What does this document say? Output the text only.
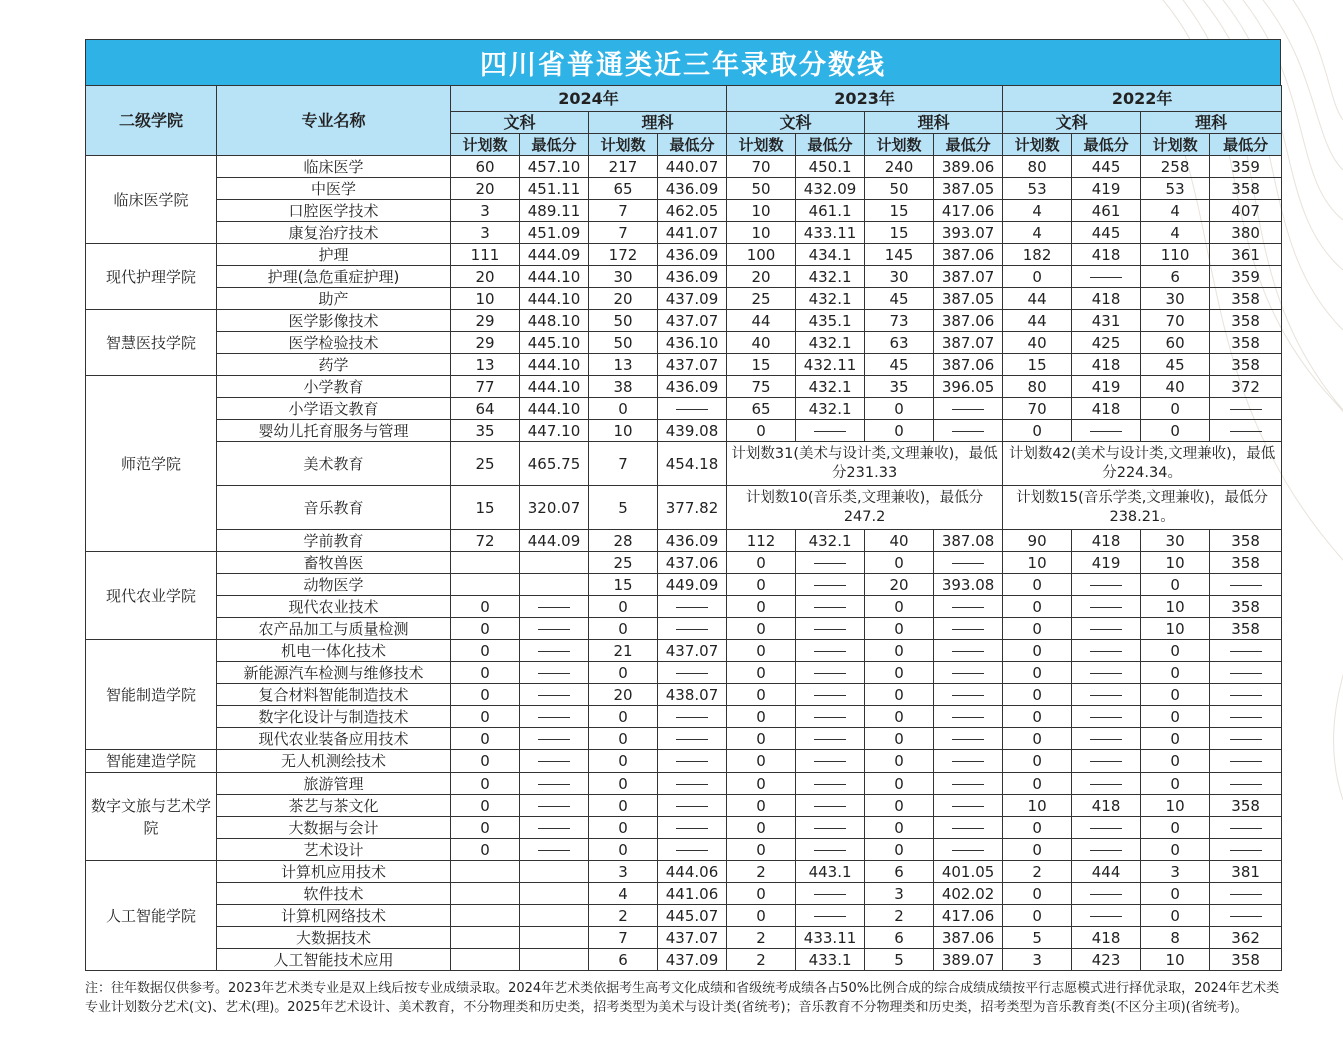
四川省普通类近三年录取分数线
二级学院	专业名称	2024年				2023年				2022年			
		文科		理科		文科		理科		文科		理科	
		计划数	最低分	计划数	最低分	计划数	最低分	计划数	最低分	计划数	最低分	计划数	最低分
临床医学院	临床医学	60	457.10	217	440.07	70	450.1	240	389.06	80	445	258	359
	中医学	20	451.11	65	436.09	50	432.09	50	387.05	53	419	53	358
	口腔医学技术	3	489.11	7	462.05	10	461.1	15	417.06	4	461	4	407
	康复治疗技术	3	451.09	7	441.07	10	433.11	15	393.07	4	445	4	380
现代护理学院	护理	111	444.09	172	436.09	100	434.1	145	387.06	182	418	110	361
	护理(急危重症护理)	20	444.10	30	436.09	20	432.1	30	387.07	0		6	359
	助产	10	444.10	20	437.09	25	432.1	45	387.05	44	418	30	358
智慧医技学院	医学影像技术	29	448.10	50	437.07	44	435.1	73	387.06	44	431	70	358
	医学检验技术	29	445.10	50	436.10	40	432.1	63	387.07	40	425	60	358
	药学	13	444.10	13	437.07	15	432.11	45	387.06	15	418	45	358
师范学院	小学教育	77	444.10	38	436.09	75	432.1	35	396.05	80	419	40	372
	小学语文教育	64	444.10	0		65	432.1	0		70	418	0	
	婴幼儿托育服务与管理	35	447.10	10	439.08	0		0		0		0	
	美术教育	25	465.75	7	454.18	计划数31(美术与设计类,文理兼收)，最低分231.33				计划数42(美术与设计类,文理兼收)，最低分224.34。			
	音乐教育	15	320.07	5	377.82	计划数10(音乐类,文理兼收)，最低分247.2				计划数15(音乐学类,文理兼收)，最低分238.21。			
	学前教育	72	444.09	28	436.09	112	432.1	40	387.08	90	418	30	358
现代农业学院	畜牧兽医			25	437.06	0		0		10	419	10	358
	动物医学			15	449.09	0		20	393.08	0		0	
	现代农业技术	0		0		0		0		0		10	358
	农产品加工与质量检测	0		0		0		0		0		10	358
智能制造学院	机电一体化技术	0		21	437.07	0		0		0		0	
	新能源汽车检测与维修技术	0		0		0		0		0		0	
	复合材料智能制造技术	0		20	438.07	0		0		0		0	
	数字化设计与制造技术	0		0		0		0		0		0	
	现代农业装备应用技术	0		0		0		0		0		0	
智能建造学院	无人机测绘技术	0		0		0		0		0		0	
数字文旅与艺术学院	旅游管理	0		0		0		0		0		0	
	茶艺与茶文化	0		0		0		0		10	418	10	358
	大数据与会计	0		0		0		0		0		0	
	艺术设计	0		0		0		0		0		0	
人工智能学院	计算机应用技术			3	444.06	2	443.1	6	401.05	2	444	3	381
	软件技术			4	441.06	0		3	402.02	0		0	
	计算机网络技术			2	445.07	0		2	417.06	0		0	
	大数据技术			7	437.07	2	433.11	6	387.06	5	418	8	362
	人工智能技术应用			6	437.09	2	433.1	5	389.07	3	423	10	358
注：往年数据仅供参考。2023年艺术类专业是双上线后按专业成绩录取。2024年艺术类依据考生高考文化成绩和省级统考成绩各占50%比例合成的综合成绩成绩按平行志愿模式进行择优录取，2024年艺术类专业计划数分艺术(文)、艺术(理)。2025年艺术设计、美术教育，不分物理类和历史类，招考类型为美术与设计类(省统考)；音乐教育不分物理类和历史类，招考类型为音乐教育类(不区分主项)(省统考)。
